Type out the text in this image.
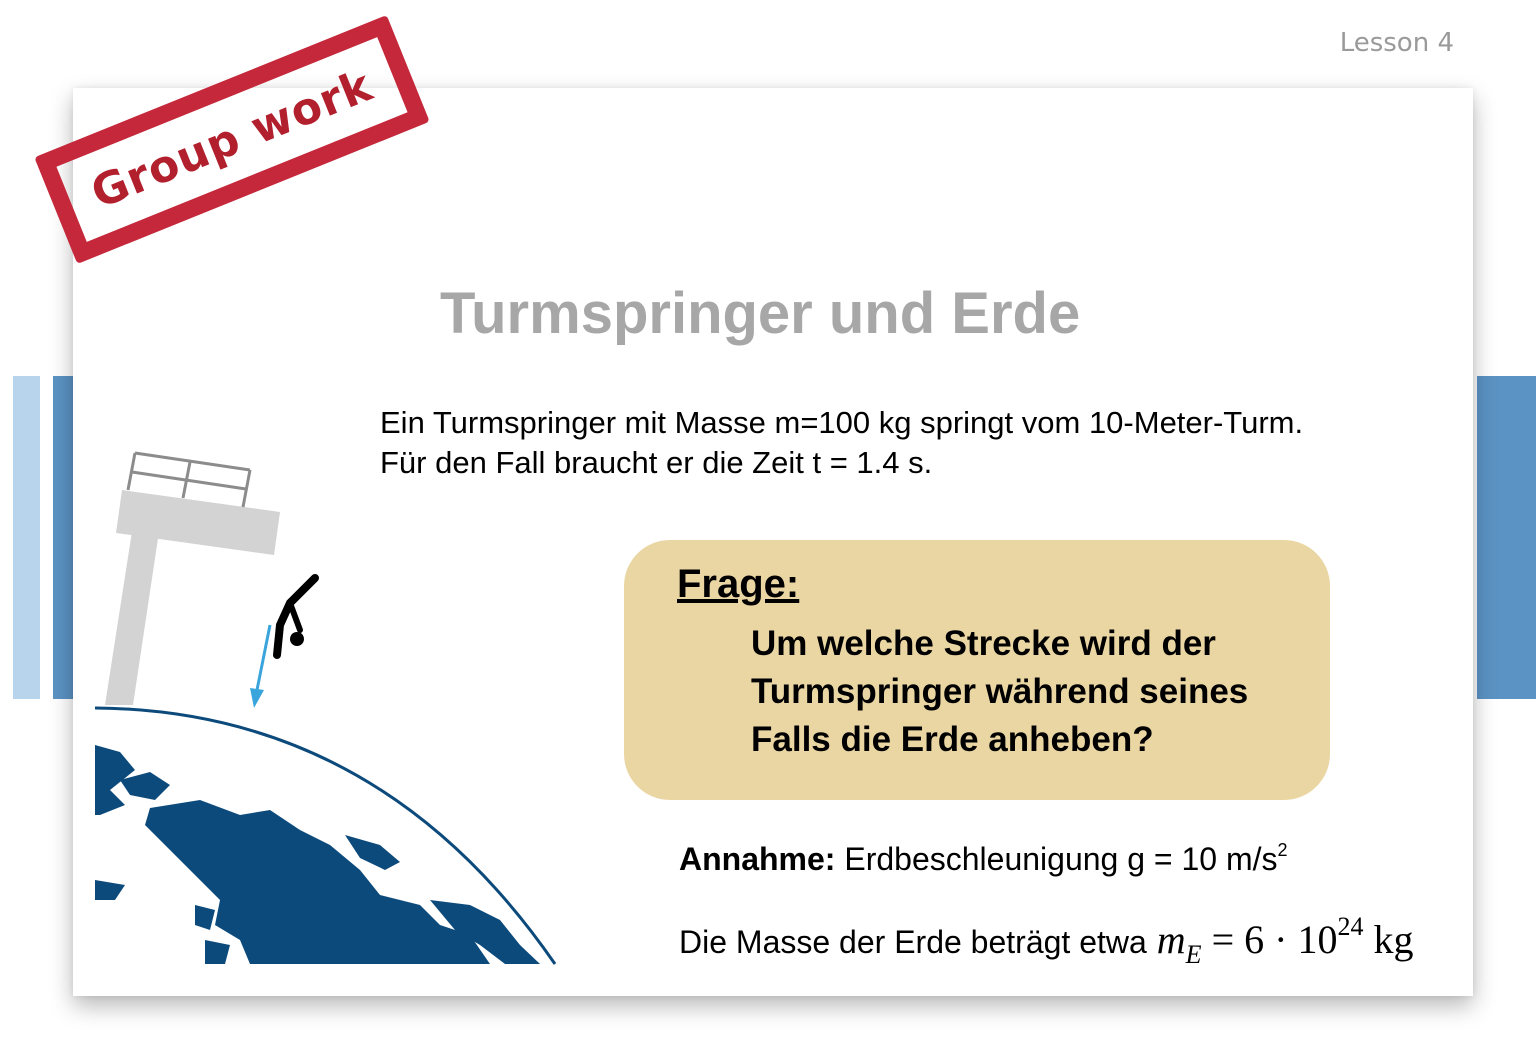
Lesson 4
Group work
Turmspringer und Erde
Ein Turmspringer mit Masse m=100 kg springt vom 10-Meter-Turm.
Für den Fall braucht er die Zeit t = 1.4 s.
Frage:
Um welche Strecke wird der
Turmspringer während seines
Falls die Erde anheben?
Annahme: Erdbeschleunigung g = 10 $m/s^2$
Die Masse der Erde beträgt etwa $m_E = 6 \cdot 10^{24}$ kg
